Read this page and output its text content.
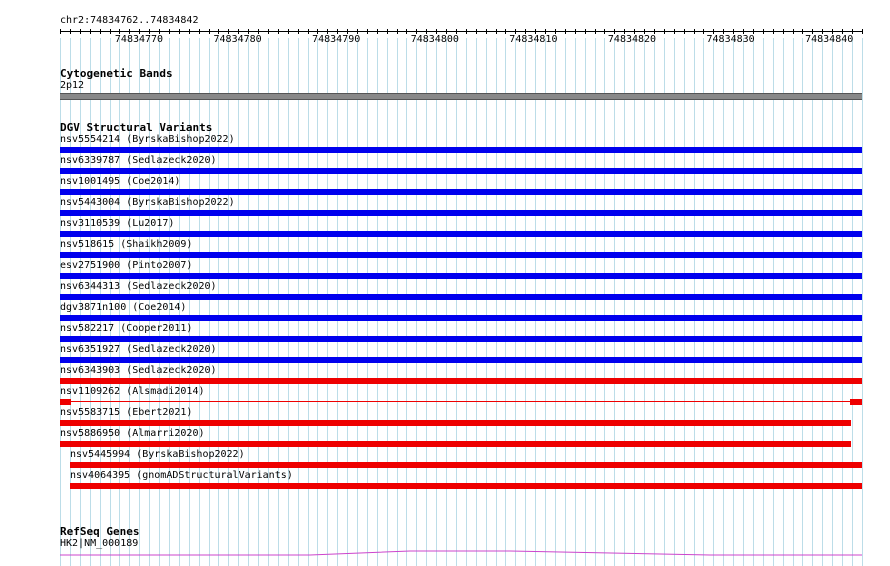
chr2:74834762..74834842
74834770	74834780	74834790	74834800	74834810	74834820	74834830	74834840
Cytogenetic Bands
2p12
DGV Structural Variants
nsv5554214 (ByrskaBishop2022)
nsv6339787 (Sedlazeck2020)
nsv1001495 (Coe2014)
nsv5443004 (ByrskaBishop2022)
nsv3110539 (Lu2017)
nsv518615 (Shaikh2009)
esv2751900 (Pinto2007)
nsv6344313 (Sedlazeck2020)
dgv3871n100 (Coe2014)
nsv582217 (Cooper2011)
nsv6351927 (Sedlazeck2020)
nsv6343903 (Sedlazeck2020)
nsv1109262 (Alsmadi2014)
nsv5583715 (Ebert2021)
nsv5886950 (Almarri2020)
nsv5445994 (ByrskaBishop2022)
nsv4064395 (gnomADStructuralVariants)
RefSeq Genes
HK2|NM_000189
